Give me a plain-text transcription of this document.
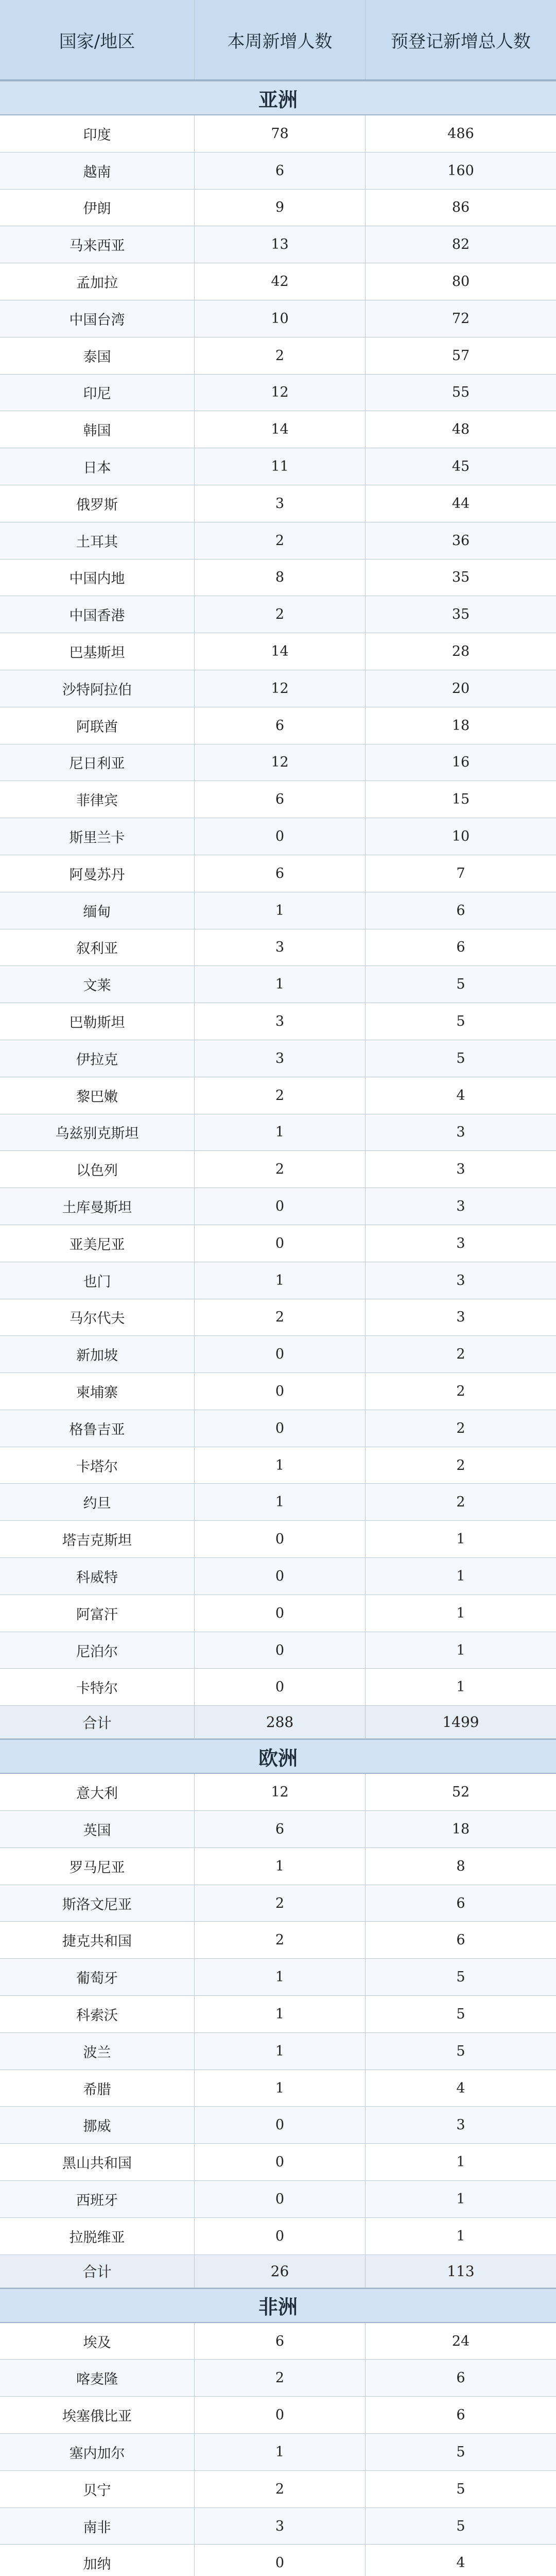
国家/地区	本周新增人数	预登记新增总人数
亚洲
印度	78	486
越南	6	160
伊朗	9	86
马来西亚	13	82
孟加拉	42	80
中国台湾	10	72
泰国	2	57
印尼	12	55
韩国	14	48
日本	11	45
俄罗斯	3	44
土耳其	2	36
中国内地	8	35
中国香港	2	35
巴基斯坦	14	28
沙特阿拉伯	12	20
阿联酋	6	18
尼日利亚	12	16
菲律宾	6	15
斯里兰卡	0	10
阿曼苏丹	6	7
缅甸	1	6
叙利亚	3	6
文莱	1	5
巴勒斯坦	3	5
伊拉克	3	5
黎巴嫩	2	4
乌兹别克斯坦	1	3
以色列	2	3
土库曼斯坦	0	3
亚美尼亚	0	3
也门	1	3
马尔代夫	2	3
新加坡	0	2
柬埔寨	0	2
格鲁吉亚	0	2
卡塔尔	1	2
约旦	1	2
塔吉克斯坦	0	1
科威特	0	1
阿富汗	0	1
尼泊尔	0	1
卡特尔	0	1
合计	288	1499
欧洲
意大利	12	52
英国	6	18
罗马尼亚	1	8
斯洛文尼亚	2	6
捷克共和国	2	6
葡萄牙	1	5
科索沃	1	5
波兰	1	5
希腊	1	4
挪威	0	3
黑山共和国	0	1
西班牙	0	1
拉脱维亚	0	1
合计	26	113
非洲
埃及	6	24
喀麦隆	2	6
埃塞俄比亚	0	6
塞内加尔	1	5
贝宁	2	5
南非	3	5
加纳	0	4
